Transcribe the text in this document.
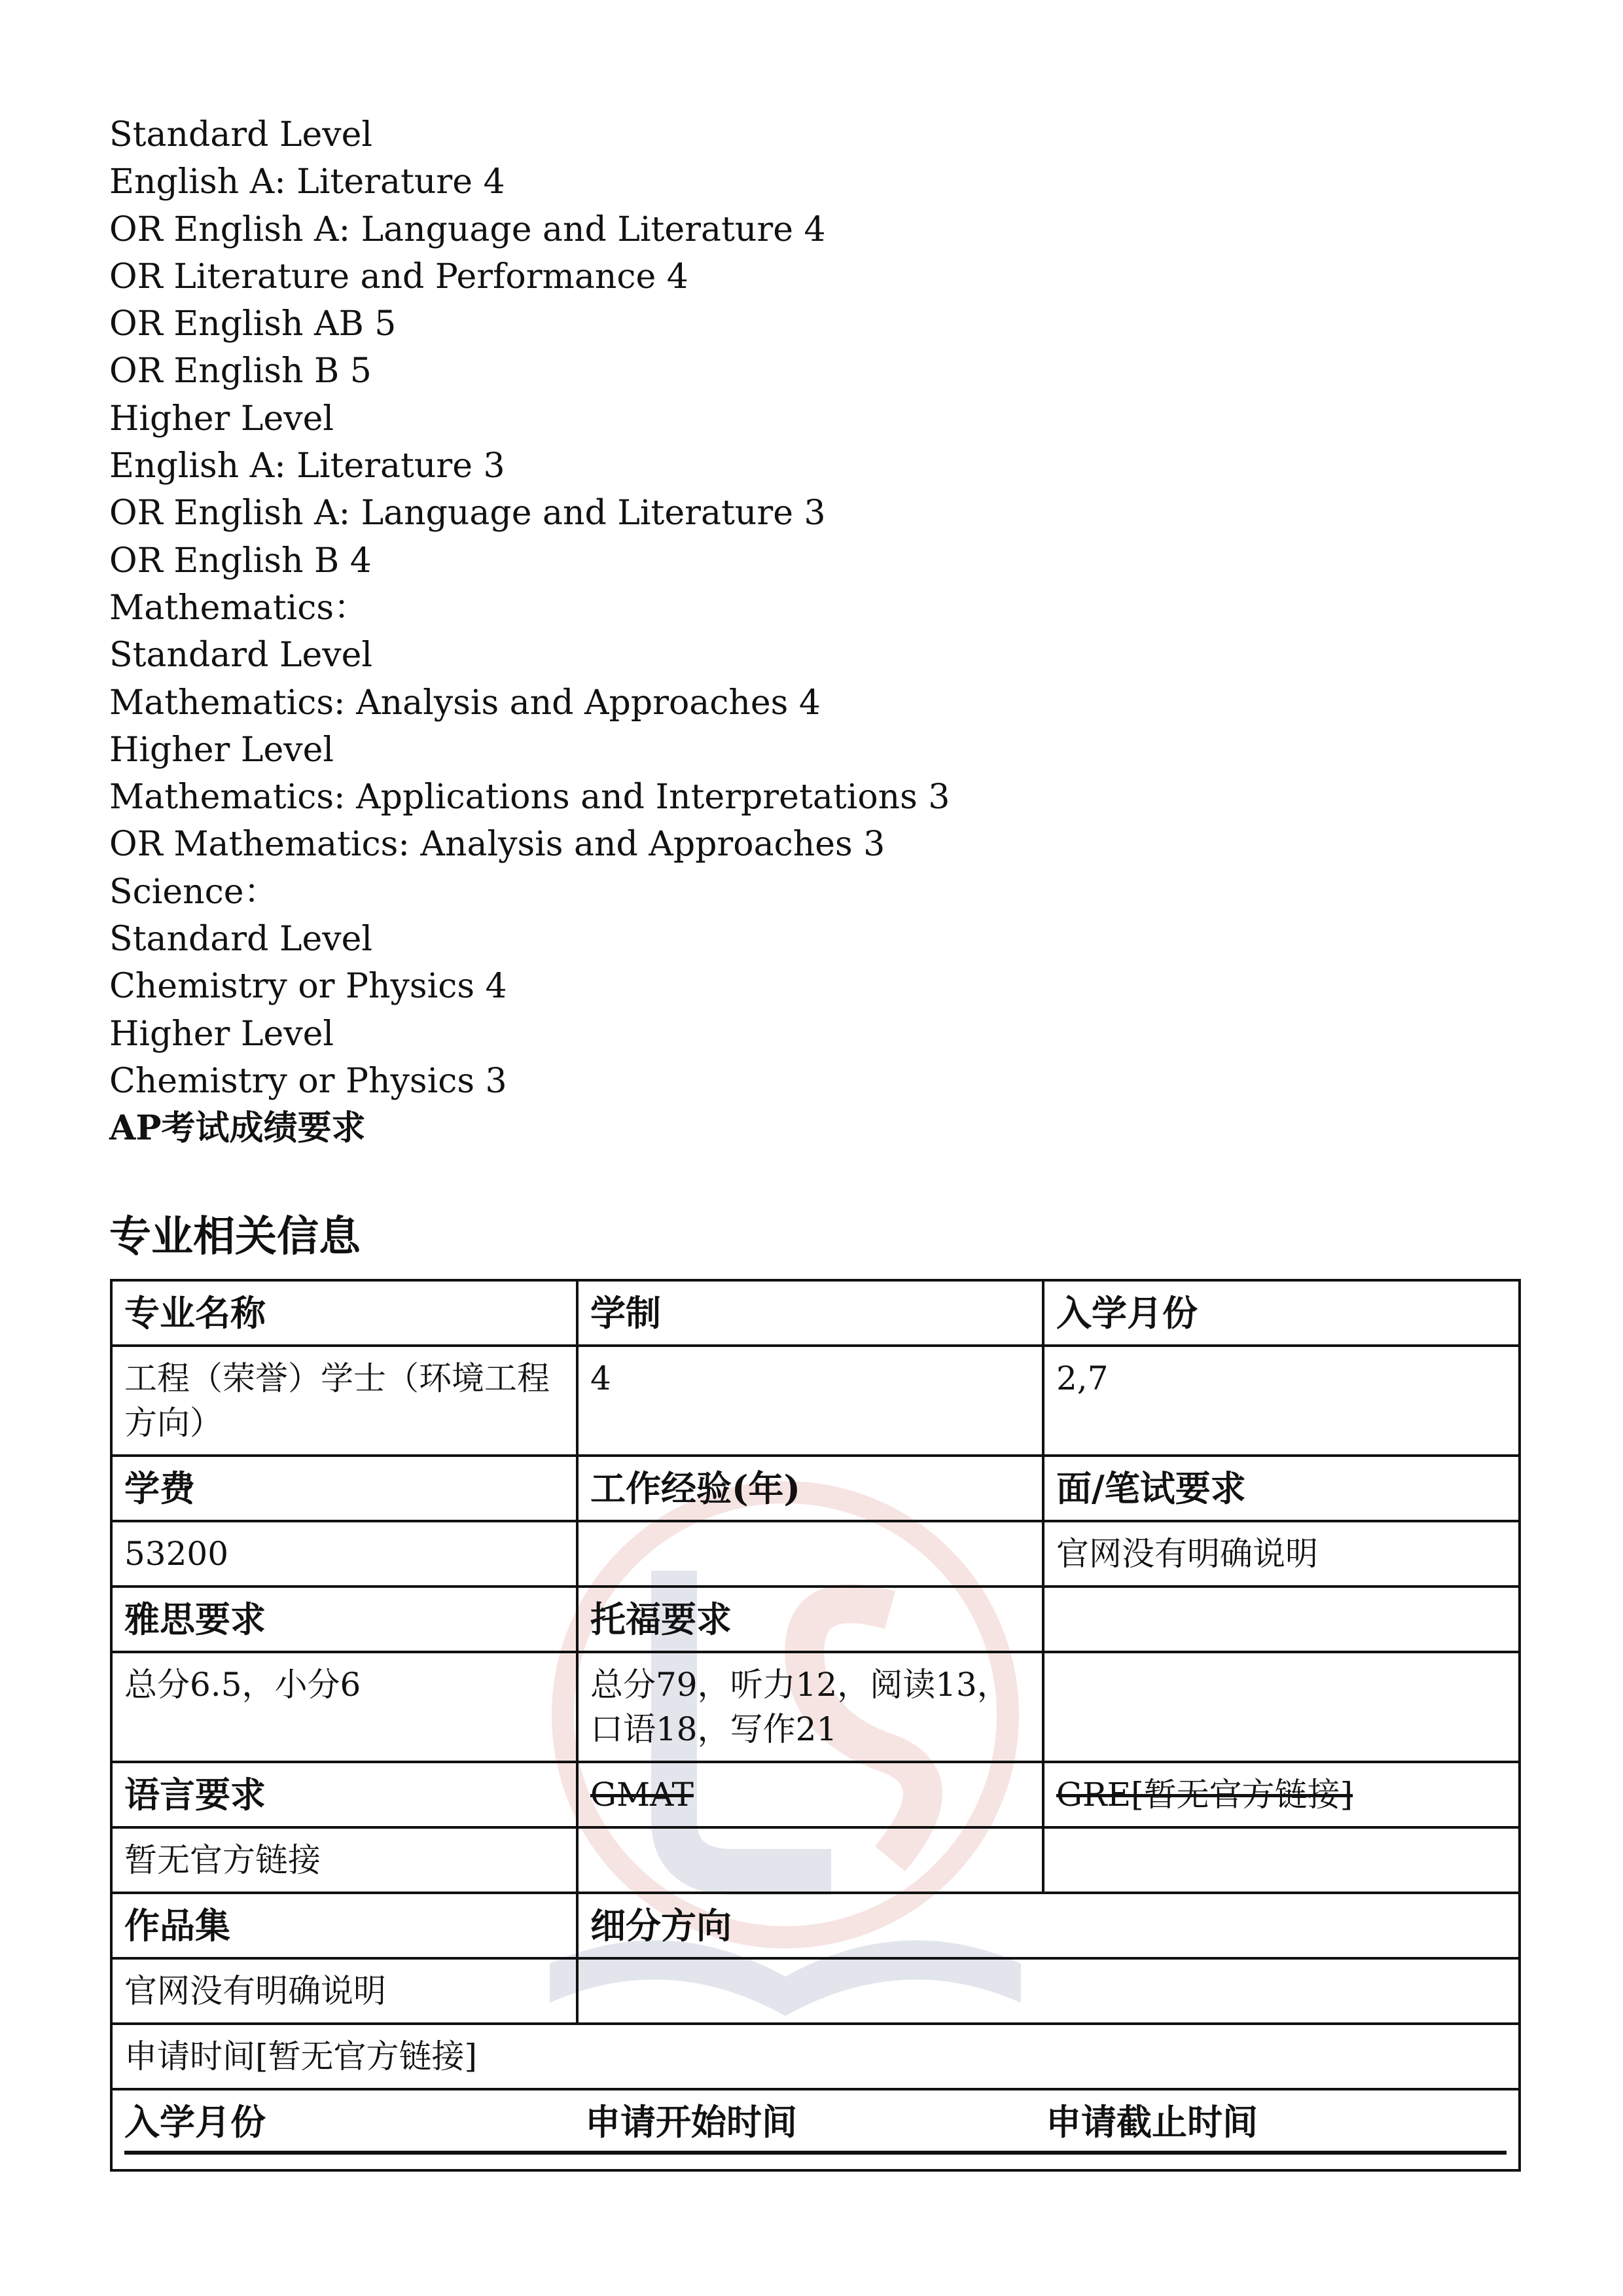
Standard Level
English A: Literature 4
OR English A: Language and Literature 4
OR Literature and Performance 4
OR English AB 5
OR English B 5
Higher Level
English A: Literature 3
OR English A: Language and Literature 3
OR English B 4
Mathematics：
Standard Level
Mathematics: Analysis and Approaches 4
Higher Level
Mathematics: Applications and Interpretations 3
OR Mathematics: Analysis and Approaches 3
Science：
Standard Level
Chemistry or Physics 4
Higher Level
Chemistry or Physics 3
AP考试成绩要求
专业相关信息
专业名称	学制	入学月份
工程（荣誉）学士（环境工程方向）	4	2,7
学费	工作经验(年)	面/笔试要求
53200		官网没有明确说明
雅思要求	托福要求	
总分6.5，小分6	总分79，听力12，阅读13，口语18，写作21	
语言要求	GMAT	GRE[暂无官方链接]
暂无官方链接		
作品集	细分方向	
官网没有明确说明		
申请时间[暂无官方链接]		

入学月份 申请开始时间 申请截止时间		
